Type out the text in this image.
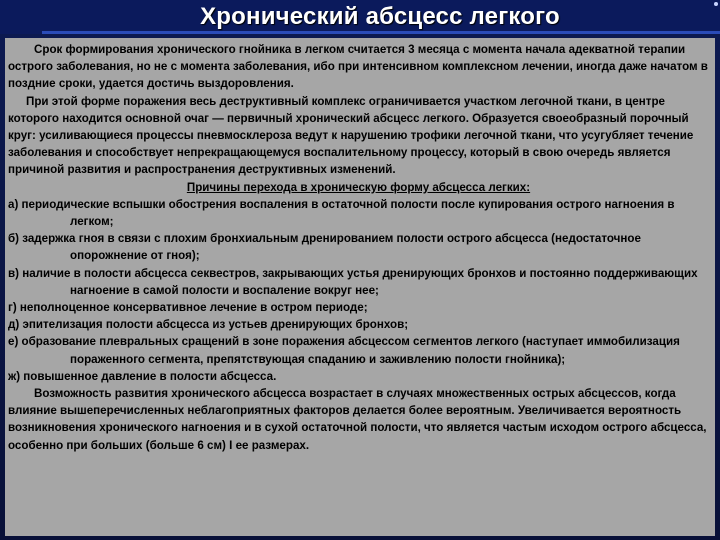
Хронический абсцесс легкого

Срок формирования хронического гнойника в легком считается 3 месяца с момента начала адекватной терапии острого заболевания, но не с момента заболевания, ибо при интенсивном комплексном лечении, иногда даже начатом в поздние сроки, удается достичь выздоровления.

При этой форме поражения весь деструктивный комплекс ограничивается участком легочной ткани, в центре которого находится основной очаг — первичный хронический абсцесс легкого. Образуется своеобразный порочный круг: усиливающиеся процессы пневмосклероза ведут к нарушению трофики легочной ткани, что усугубляет течение заболевания и способствует непрекращающемуся воспалительному процессу, который в свою очередь является причиной развития и распространения деструктивных изменений.

Причины перехода в хроническую форму абсцесса легких:

а) периодические вспышки обострения воспаления в остаточной полости после купирования острого нагноения в легком;

б) задержка гноя в связи с плохим бронхиальным дренированием полости острого абсцесса (недостаточное опорожнение от гноя);

в) наличие в полости абсцесса секвестров, закрывающих устья дренирующих бронхов и постоянно поддерживающих нагноение в самой полости и воспаление вокруг нее;

г) неполноценное консервативное лечение в остром периоде;

д) эпителизация полости абсцесса из устьев дренирующих бронхов;

е) образование плевральных сращений в зоне поражения абсцессом сегментов легкого (наступает иммобилизация пораженного сегмента, препятствующая спаданию и заживлению полости гнойника);

ж) повышенное давление в полости абсцесса.

Возможность развития хронического абсцесса возрастает в случаях множественных острых абсцессов, когда влияние вышеперечисленных неблагоприятных факторов делается более вероятным. Увеличивается вероятность возникновения хронического нагноения и в сухой остаточной полости, что является частым исходом острого абсцесса, особенно при больших (больше 6 см) I ее размерах.
